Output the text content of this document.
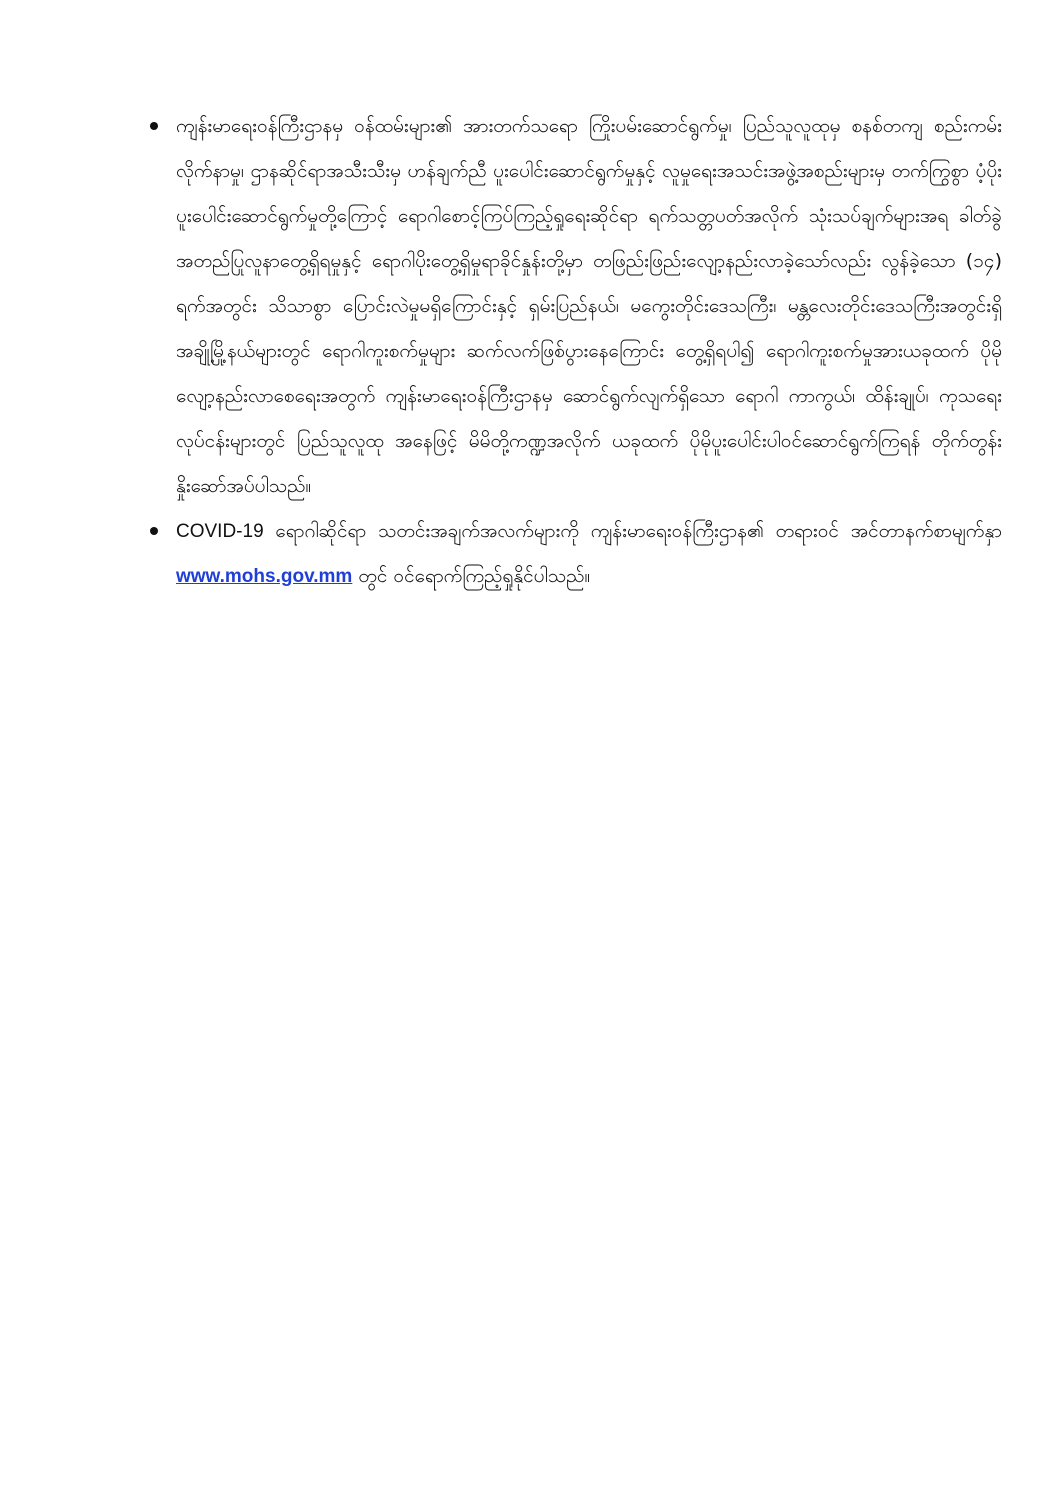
ကျန်းမာရေးဝန်ကြီးဌာနမှ ဝန်ထမ်းများ၏ အားတက်သရော ကြိုးပမ်းဆောင်ရွက်မှု၊ ပြည်သူလူထုမှ စနစ်တကျ စည်းကမ်းလိုက်နာမှု၊ ဌာနဆိုင်ရာအသီးသီးမှ ဟန်ချက်ညီ ပူးပေါင်းဆောင်ရွက်မှုနှင့် လူမှုရေးအသင်းအဖွဲ့အစည်းများမှ တက်ကြွစွာ ပံ့ပိုးပူးပေါင်းဆောင်ရွက်မှုတို့ကြောင့် ရောဂါစောင့်ကြပ်ကြည့်ရှုရေးဆိုင်ရာ ရက်သတ္တပတ်အလိုက် သုံးသပ်ချက်များအရ ခါတ်ခွဲအတည်ပြုလူနာတွေ့ရှိရမှုနှင့် ရောဂါပိုးတွေ့ရှိမှုရာခိုင်နှုန်းတို့မှာ တဖြည်းဖြည်းလျော့နည်းလာခဲ့သော်လည်း လွန်ခဲ့သော (၁၄) ရက်အတွင်း သိသာစွာ ပြောင်းလဲမှုမရှိကြောင်းနှင့် ရှမ်းပြည်နယ်၊ မကွေးတိုင်းဒေသကြီး၊ မန္တလေးတိုင်းဒေသကြီးအတွင်းရှိ အချို့မြို့နယ်များတွင် ရောဂါကူးစက်မှုများ ဆက်လက်ဖြစ်ပွားနေကြောင်း တွေ့ရှိရပါ၍ ရောဂါကူးစက်မှုအားယခုထက် ပိုမိုလျော့နည်းလာစေရေးအတွက် ကျန်းမာရေးဝန်ကြီးဌာနမှ ဆောင်ရွက်လျက်ရှိသော ရောဂါ ကာကွယ်၊ ထိန်းချုပ်၊ ကုသရေး လုပ်ငန်းများတွင် ပြည်သူလူထု အနေဖြင့် မိမိတို့ကဏ္ဍအလိုက် ယခုထက် ပိုမိုပူးပေါင်းပါဝင်ဆောင်ရွက်ကြရန် တိုက်တွန်း နှိုးဆော်အပ်ပါသည်။
COVID-19 ရောဂါဆိုင်ရာ သတင်းအချက်အလက်များကို ကျန်းမာရေးဝန်ကြီးဌာန၏ တရားဝင် အင်တာနက်စာမျက်နှာ www.mohs.gov.mm တွင် ဝင်ရောက်ကြည့်ရှုနိုင်ပါသည်။
